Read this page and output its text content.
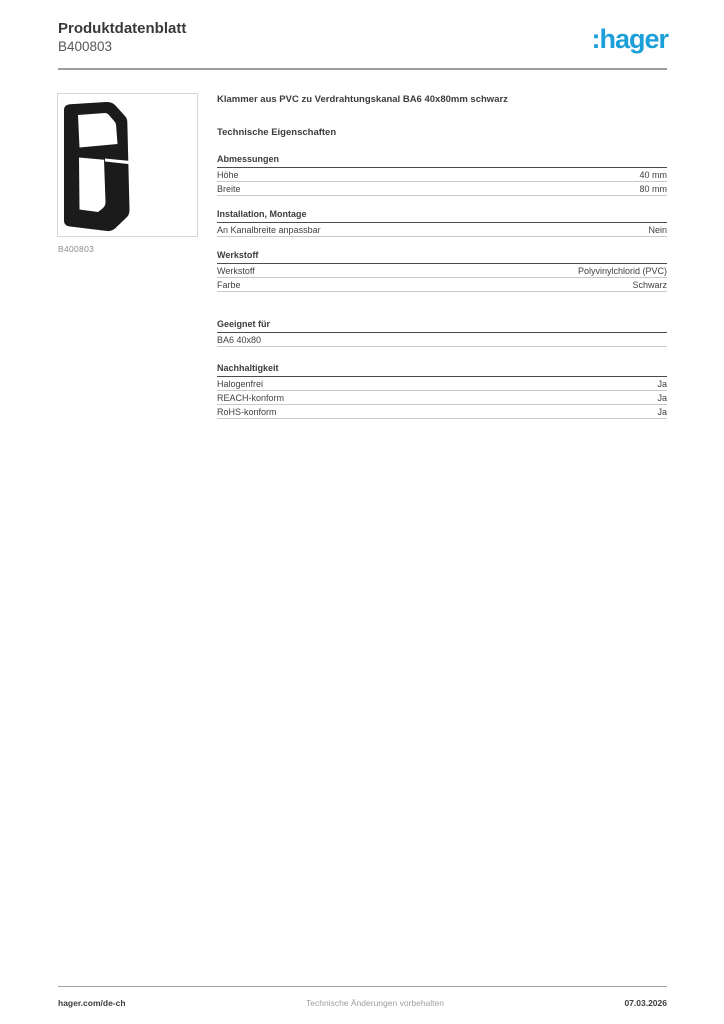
Produktdatenblatt
B400803	:hager
B400803
Klammer aus PVC zu Verdrahtungskanal BA6 40x80mm schwarz
Technische Eigenschaften
Abmessungen
Höhe	40 mm
Breite	80 mm
Installation, Montage
An Kanalbreite anpassbar	Nein
Werkstoff
Werkstoff	Polyvinylchlorid (PVC)
Farbe	Schwarz
Geeignet für
BA6 40x80
Nachhaltigkeit
Halogenfrei	Ja
REACH-konform	Ja
RoHS-konform	Ja
hager.com/de-ch	Technische Änderungen vorbehalten	07.03.2026
